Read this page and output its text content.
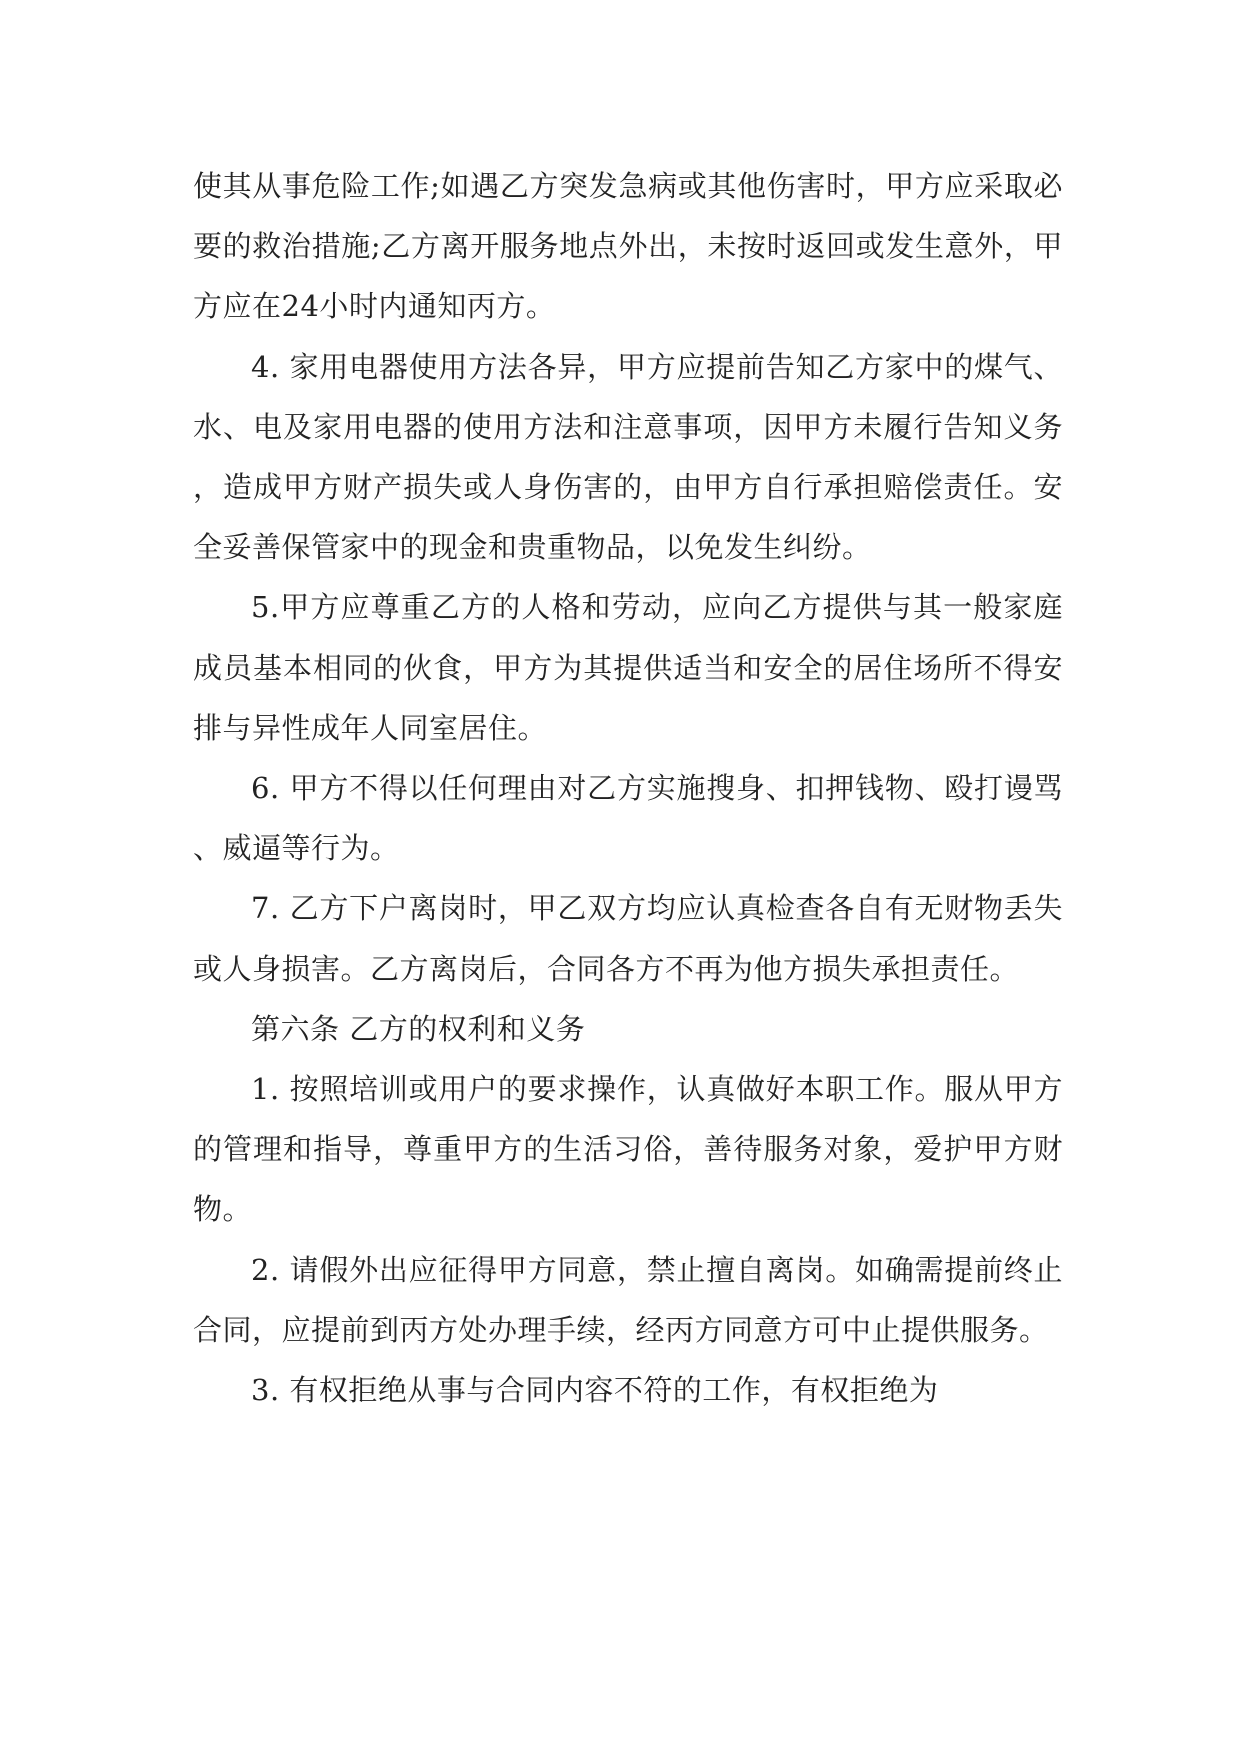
使其从事危险工作;如遇乙方突发急病或其他伤害时，甲方应采取必要的救治措施;乙方离开服务地点外出，未按时返回或发生意外，甲方应在24小时内通知丙方。

4. 家用电器使用方法各异，甲方应提前告知乙方家中的煤气、水、电及家用电器的使用方法和注意事项，因甲方未履行告知义务，造成甲方财产损失或人身伤害的，由甲方自行承担赔偿责任。安全妥善保管家中的现金和贵重物品，以免发生纠纷。

5.甲方应尊重乙方的人格和劳动，应向乙方提供与其一般家庭成员基本相同的伙食，甲方为其提供适当和安全的居住场所不得安排与异性成年人同室居住。

6. 甲方不得以任何理由对乙方实施搜身、扣押钱物、殴打谩骂、威逼等行为。

7. 乙方下户离岗时，甲乙双方均应认真检查各自有无财物丢失或人身损害。乙方离岗后，合同各方不再为他方损失承担责任。

第六条 乙方的权利和义务

1. 按照培训或用户的要求操作，认真做好本职工作。服从甲方的管理和指导，尊重甲方的生活习俗，善待服务对象，爱护甲方财物。

2. 请假外出应征得甲方同意，禁止擅自离岗。如确需提前终止合同，应提前到丙方处办理手续，经丙方同意方可中止提供服务。

3. 有权拒绝从事与合同内容不符的工作，有权拒绝为
